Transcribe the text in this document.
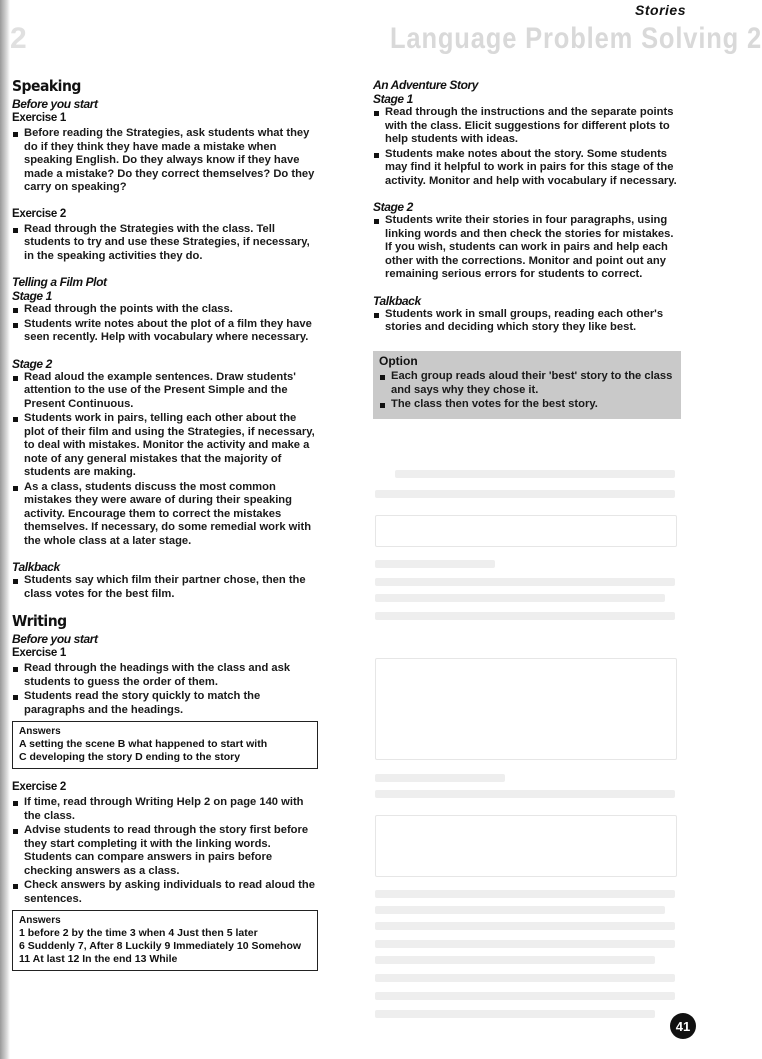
2	Language Problem Solving 2
Stories
Speaking
Before you start
Exercise 1
Before reading the Strategies, ask students what they do if they think they have made a mistake when speaking English. Do they always know if they have made a mistake? Do they correct themselves? Do they carry on speaking?
Exercise 2
Read through the Strategies with the class. Tell students to try and use these Strategies, if necessary, in the speaking activities they do.
Telling a Film Plot
Stage 1
Read through the points with the class.
Students write notes about the plot of a film they have seen recently. Help with vocabulary where necessary.
Stage 2
Read aloud the example sentences. Draw students' attention to the use of the Present Simple and the Present Continuous.
Students work in pairs, telling each other about the plot of their film and using the Strategies, if necessary, to deal with mistakes. Monitor the activity and make a note of any general mistakes that the majority of students are making.
As a class, students discuss the most common mistakes they were aware of during their speaking activity. Encourage them to correct the mistakes themselves. If necessary, do some remedial work with the whole class at a later stage.
Talkback
Students say which film their partner chose, then the class votes for the best film.
Writing
Before you start
Exercise 1
Read through the headings with the class and ask students to guess the order of them.
Students read the story quickly to match the paragraphs and the headings.
Answers
A setting the scene B what happened to start with
C developing the story D ending to the story
Exercise 2
If time, read through Writing Help 2 on page 140 with the class.
Advise students to read through the story first before they start completing it with the linking words. Students can compare answers in pairs before checking answers as a class.
Check answers by asking individuals to read aloud the sentences.
Answers
1 before 2 by the time 3 when 4 Just then 5 later
6 Suddenly 7, After 8 Luckily 9 Immediately 10 Somehow
11 At last 12 In the end 13 While
An Adventure Story
Stage 1
Read through the instructions and the separate points with the class. Elicit suggestions for different plots to help students with ideas.
Students make notes about the story. Some students may find it helpful to work in pairs for this stage of the activity. Monitor and help with vocabulary if necessary.
Stage 2
Students write their stories in four paragraphs, using linking words and then check the stories for mistakes. If you wish, students can work in pairs and help each other with the corrections. Monitor and point out any remaining serious errors for students to correct.
Talkback
Students work in small groups, reading each other's stories and deciding which story they like best.
Option
Each group reads aloud their 'best' story to the class and says why they chose it.
The class then votes for the best story.
41
